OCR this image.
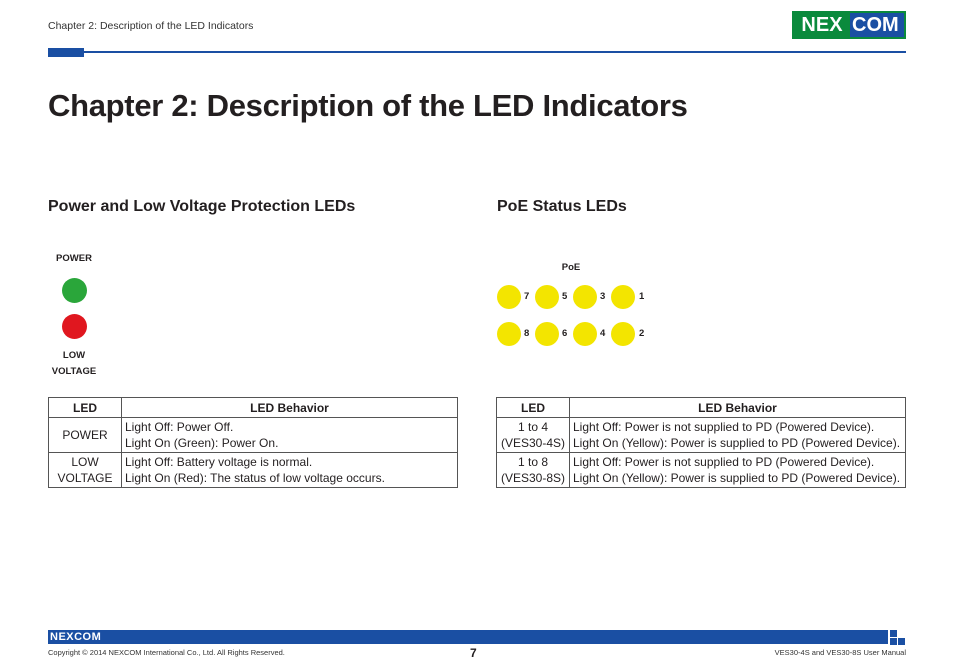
Chapter 2: Description of the LED Indicators	NEX COM
Chapter 2: Description of the LED Indicators
Power and Low Voltage Protection LEDs	PoE Status LEDs
POWER
LOW
VOLTAGE
PoE
7	5	3	1
8	6	4	2
LED	LED Behavior
POWER	Light Off: Power Off.
Light On (Green): Power On.

LOW
VOLTAGE	Light Off: Battery voltage is normal.
Light On (Red): The status of low voltage occurs.
LED	LED Behavior

1 to 4
(VES30-4S)	Light Off: Power is not supplied to PD (Powered Device).
Light On (Yellow): Power is supplied to PD (Powered Device).

1 to 8
(VES30-8S)	Light Off: Power is not supplied to PD (Powered Device).
Light On (Yellow): Power is supplied to PD (Powered Device).
NEXCOM
Copyright © 2014 NEXCOM International Co., Ltd. All Rights Reserved.	7	VES30-4S and VES30-8S User Manual
